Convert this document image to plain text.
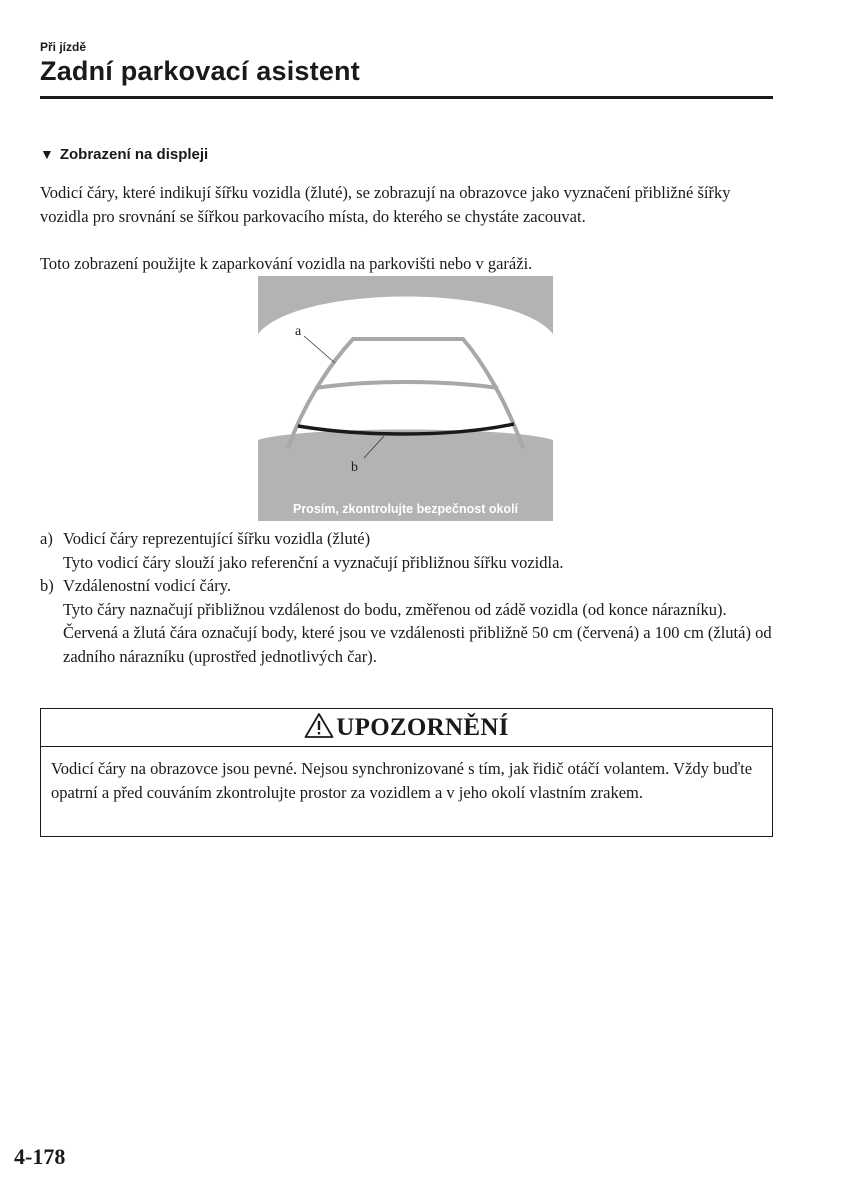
Při jízdě
Zadní parkovací asistent
▼ Zobrazení na displeji
Vodicí čáry, které indikují šířku vozidla (žluté), se zobrazují na obrazovce jako vyznačení přibližné šířky vozidla pro srovnání se šířkou parkovacího místa, do kterého se chystáte zacouvat.
Toto zobrazení použijte k zaparkování vozidla na parkovišti nebo v garáži.
a
b
Prosím, zkontrolujte bezpečnost okolí
a) Vodicí čáry reprezentující šířku vozidla (žluté)
Tyto vodicí čáry slouží jako referenční a vyznačují přibližnou šířku vozidla.
b) Vzdálenostní vodicí čáry.
Tyto čáry naznačují přibližnou vzdálenost do bodu, změřenou od zádě vozidla (od konce nárazníku).
Červená a žlutá čára označují body, které jsou ve vzdálenosti přibližně 50 cm (červená) a 100 cm (žlutá) od zadního nárazníku (uprostřed jednotlivých čar).
UPOZORNĚNÍ
Vodicí čáry na obrazovce jsou pevné. Nejsou synchronizované s tím, jak řidič otáčí volantem. Vždy buďte opatrní a před couváním zkontrolujte prostor za vozidlem a v jeho okolí vlastním zrakem.
4-178
